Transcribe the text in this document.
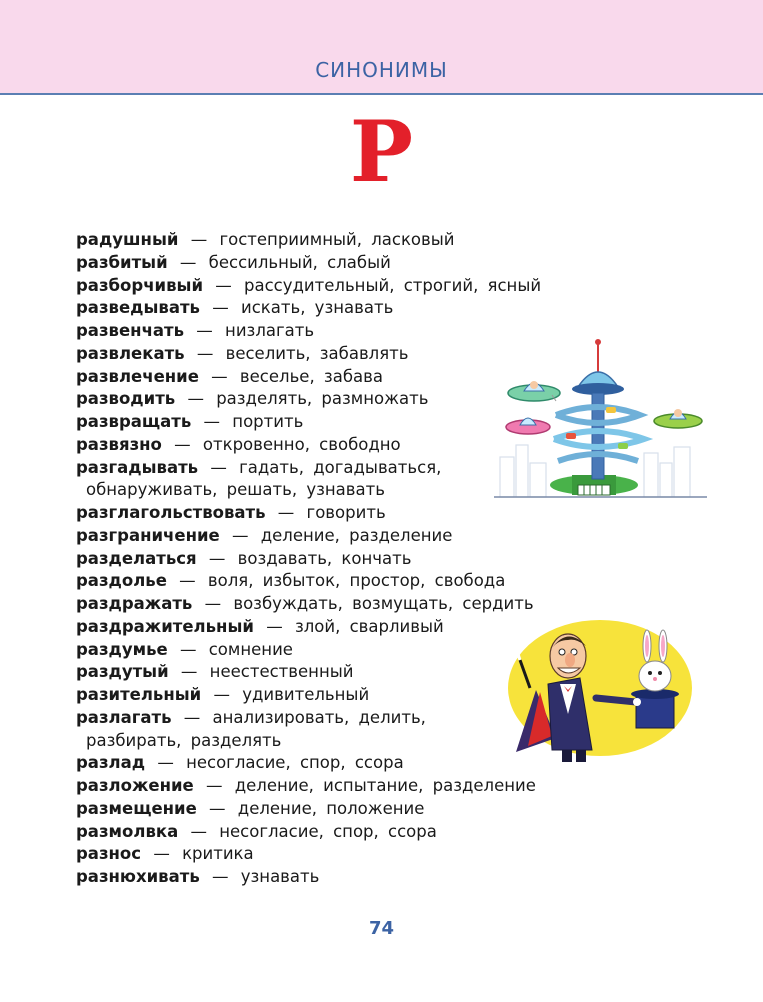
СИНОНИМЫ
Р
радушный — гостеприимный, ласковый
разбитый — бессильный, слабый
разборчивый — рассудительный, строгий, ясный
разведывать — искать, узнавать
развенчать — низлагать
развлекать — веселить, забавлять
развлечение — веселье, забава
разводить — разделять, размножать
развращать — портить
развязно — откровенно, свободно
разгадывать — гадать, догадываться,
обнаруживать, решать, узнавать
разглагольствовать — говорить
разграничение — деление, разделение
разделаться — воздавать, кончать
раздолье — воля, избыток, простор, свобода
раздражать — возбуждать, возмущать, сердить
раздражительный — злой, сварливый
раздумье — сомнение
раздутый — неестественный
разительный — удивительный
разлагать — анализировать, делить,
разбирать, разделять
разлад — несогласие, спор, ссора
разложение — деление, испытание, разделение
размещение — деление, положение
размолвка — несогласие, спор, ссора
разнос — критика
разнюхивать — узнавать
74
